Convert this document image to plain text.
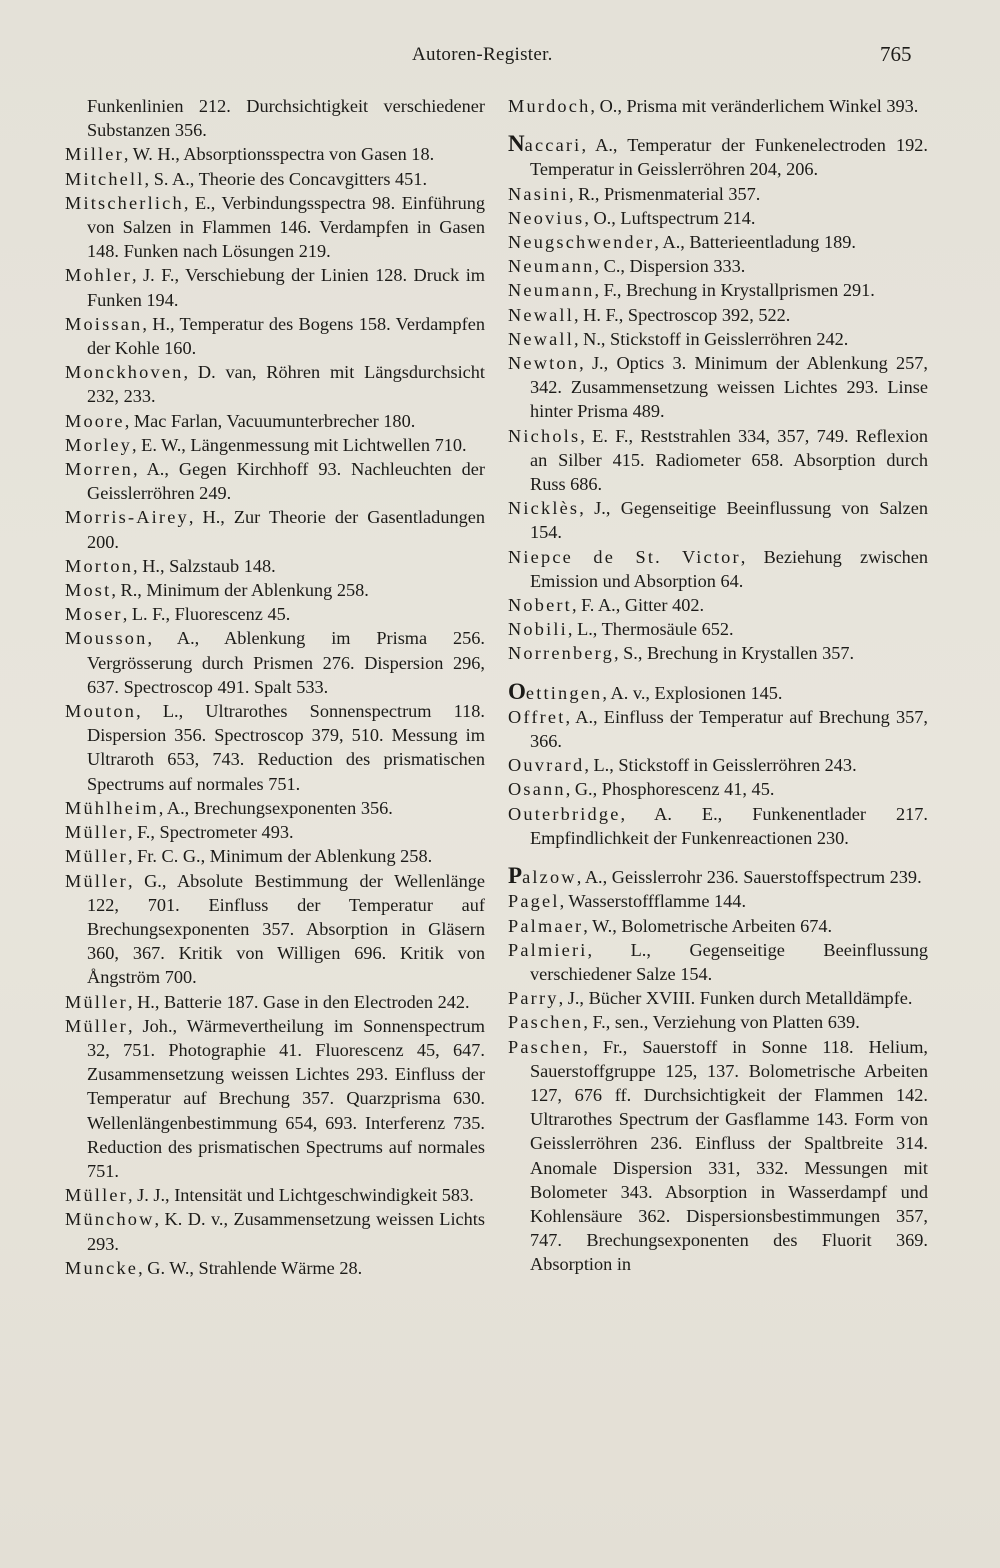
Autoren-Register.	765

Funkenlinien 212. Durchsichtigkeit verschiedener Substanzen 356.

Miller, W. H., Absorptionsspectra von Gasen 18.

Mitchell, S. A., Theorie des Concavgitters 451.

Mitscherlich, E., Verbindungsspectra 98. Einführung von Salzen in Flammen 146. Verdampfen in Gasen 148. Funken nach Lösungen 219.

Mohler, J. F., Verschiebung der Linien 128. Druck im Funken 194.

Moissan, H., Temperatur des Bogens 158. Verdampfen der Kohle 160.

Monckhoven, D. van, Röhren mit Längsdurchsicht 232, 233.

Moore, Mac Farlan, Vacuumunterbrecher 180.

Morley, E. W., Längenmessung mit Lichtwellen 710.

Morren, A., Gegen Kirchhoff 93. Nachleuchten der Geisslerröhren 249.

Morris-Airey, H., Zur Theorie der Gasentladungen 200.

Morton, H., Salzstaub 148.

Most, R., Minimum der Ablenkung 258.

Moser, L. F., Fluorescenz 45.

Mousson, A., Ablenkung im Prisma 256. Vergrösserung durch Prismen 276. Dispersion 296, 637. Spectroscop 491. Spalt 533.

Mouton, L., Ultrarothes Sonnenspectrum 118. Dispersion 356. Spectroscop 379, 510. Messung im Ultraroth 653, 743. Reduction des prismatischen Spectrums auf normales 751.

Mühlheim, A., Brechungsexponenten 356.

Müller, F., Spectrometer 493.

Müller, Fr. C. G., Minimum der Ablenkung 258.

Müller, G., Absolute Bestimmung der Wellenlänge 122, 701. Einfluss der Temperatur auf Brechungsexponenten 357. Absorption in Gläsern 360, 367. Kritik von Willigen 696. Kritik von Ångström 700.

Müller, H., Batterie 187. Gase in den Electroden 242.

Müller, Joh., Wärmevertheilung im Sonnenspectrum 32, 751. Photographie 41. Fluorescenz 45, 647. Zusammensetzung weissen Lichtes 293. Einfluss der Temperatur auf Brechung 357. Quarzprisma 630. Wellenlängenbestimmung 654, 693. Interferenz 735. Reduction des prismatischen Spectrums auf normales 751.

Müller, J. J., Intensität und Lichtgeschwindigkeit 583.

Münchow, K. D. v., Zusammensetzung weissen Lichts 293.

Muncke, G. W., Strahlende Wärme 28.

Murdoch, O., Prisma mit veränderlichem Winkel 393.

Naccari, A., Temperatur der Funkenelectroden 192. Temperatur in Geisslerröhren 204, 206.

Nasini, R., Prismenmaterial 357.

Neovius, O., Luftspectrum 214.

Neugschwender, A., Batterieentladung 189.

Neumann, C., Dispersion 333.

Neumann, F., Brechung in Krystallprismen 291.

Newall, H. F., Spectroscop 392, 522.

Newall, N., Stickstoff in Geisslerröhren 242.

Newton, J., Optics 3. Minimum der Ablenkung 257, 342. Zusammensetzung weissen Lichtes 293. Linse hinter Prisma 489.

Nichols, E. F., Reststrahlen 334, 357, 749. Reflexion an Silber 415. Radiometer 658. Absorption durch Russ 686.

Nicklès, J., Gegenseitige Beeinflussung von Salzen 154.

Niepce de St. Victor, Beziehung zwischen Emission und Absorption 64.

Nobert, F. A., Gitter 402.

Nobili, L., Thermosäule 652.

Norrenberg, S., Brechung in Krystallen 357.

Oettingen, A. v., Explosionen 145.

Offret, A., Einfluss der Temperatur auf Brechung 357, 366.

Ouvrard, L., Stickstoff in Geisslerröhren 243.

Osann, G., Phosphorescenz 41, 45.

Outerbridge, A. E., Funkenentlader 217. Empfindlichkeit der Funkenreactionen 230.

Palzow, A., Geisslerrohr 236. Sauerstoffspectrum 239.

Pagel, Wasserstoffflamme 144.

Palmaer, W., Bolometrische Arbeiten 674.

Palmieri, L., Gegenseitige Beeinflussung verschiedener Salze 154.

Parry, J., Bücher XVIII. Funken durch Metalldämpfe.

Paschen, F., sen., Verziehung von Platten 639.

Paschen, Fr., Sauerstoff in Sonne 118. Helium, Sauerstoffgruppe 125, 137. Bolometrische Arbeiten 127, 676 ff. Durchsichtigkeit der Flammen 142. Ultrarothes Spectrum der Gasflamme 143. Form von Geisslerröhren 236. Einfluss der Spaltbreite 314. Anomale Dispersion 331, 332. Messungen mit Bolometer 343. Absorption in Wasserdampf und Kohlensäure 362. Dispersionsbestimmungen 357, 747. Brechungsexponenten des Fluorit 369. Absorption in
